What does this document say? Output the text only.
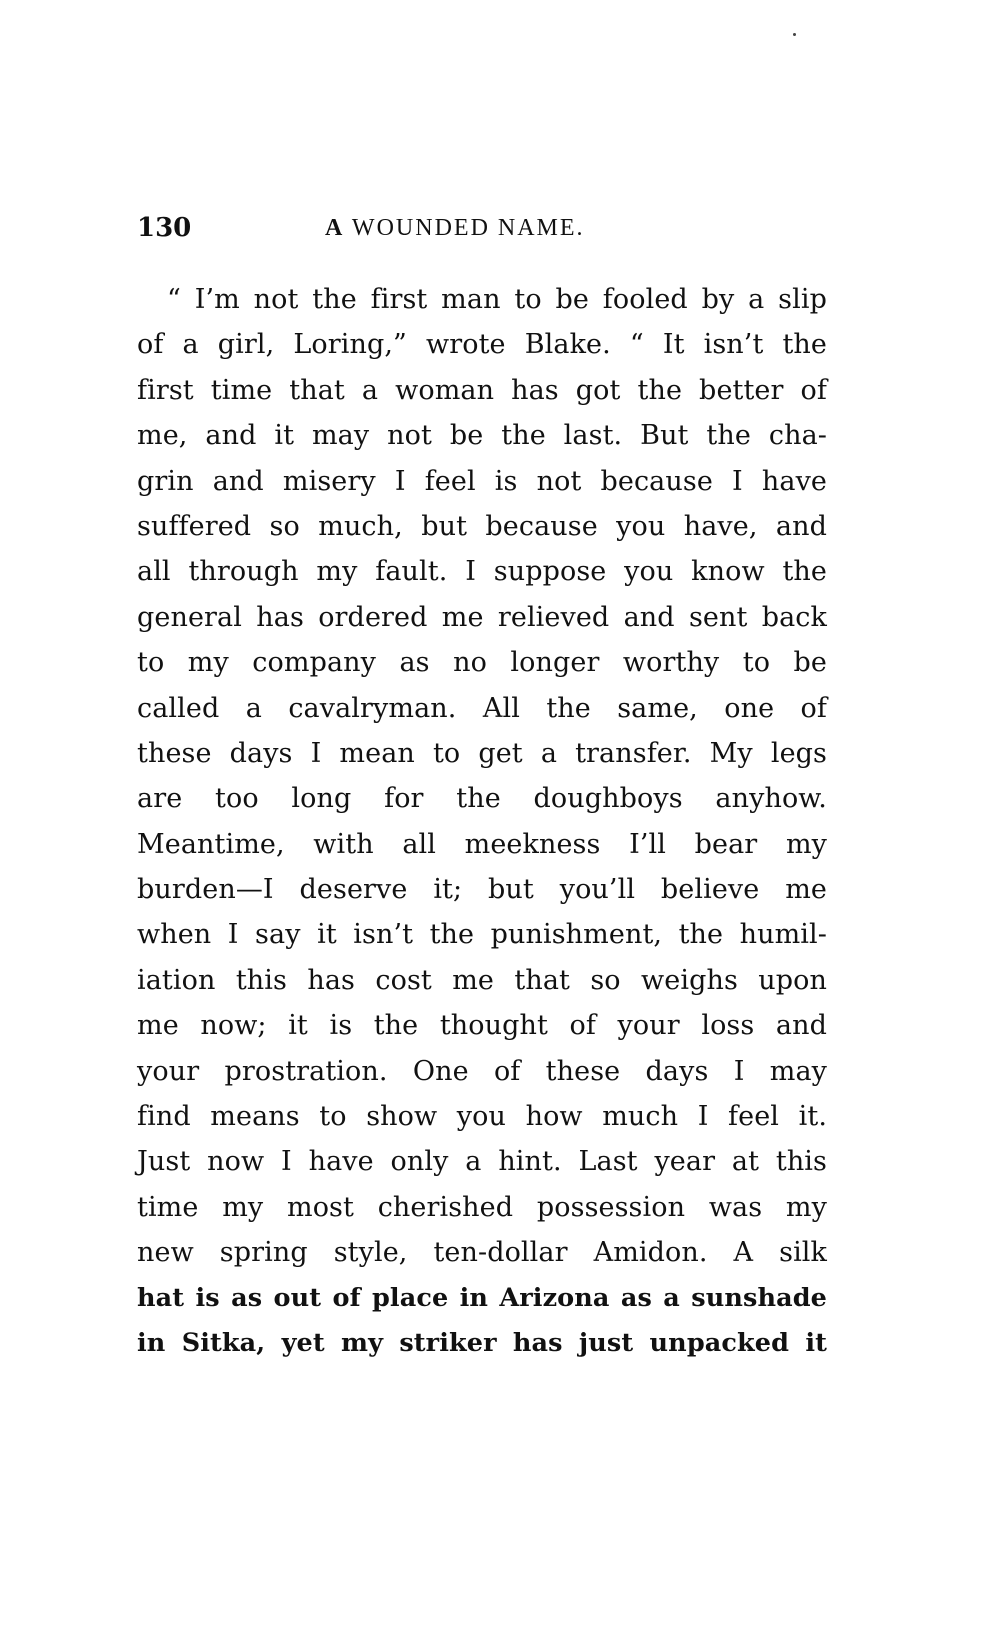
130	A WOUNDED NAME.
“ I’m not the first man to be fooled by a slip
of a girl, Loring,” wrote Blake. “ It isn’t the
first time that a woman has got the better of
me, and it may not be the last. But the cha-
grin and misery I feel is not because I have
suffered so much, but because you have, and
all through my fault. I suppose you know the
general has ordered me relieved and sent back
to my company as no longer worthy to be
called a cavalryman. All the same, one of
these days I mean to get a transfer. My legs
are too long for the doughboys anyhow.
Meantime, with all meekness I’ll bear my
burden—I deserve it; but you’ll believe me
when I say it isn’t the punishment, the humil-
iation this has cost me that so weighs upon
me now; it is the thought of your loss and
your prostration. One of these days I may
find means to show you how much I feel it.
Just now I have only a hint. Last year at this
time my most cherished possession was my
new spring style, ten-dollar Amidon. A silk
hat is as out of place in Arizona as a sunshade
in Sitka, yet my striker has just unpacked it
